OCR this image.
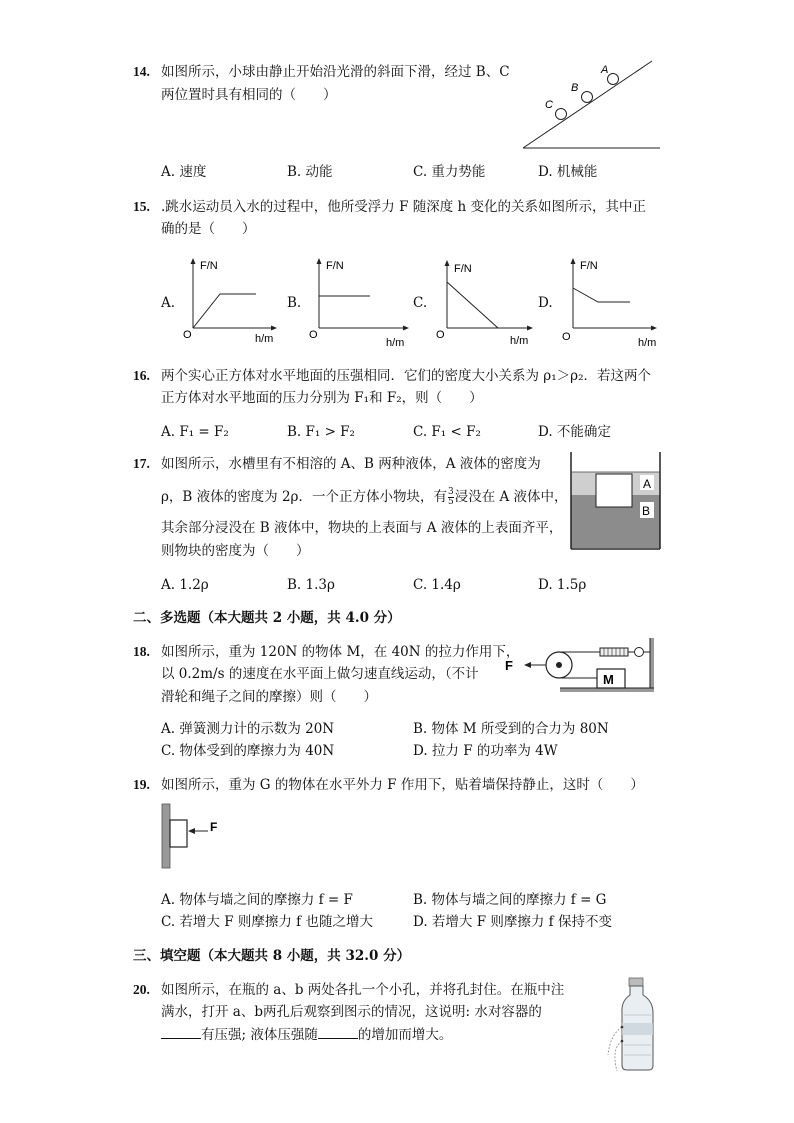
14. 如图所示，小球由静止开始沿光滑的斜面下滑，经过 B、C
两位置时具有相同的（　　）
A
B
C
A. 速度	B. 动能	C. 重力势能	D. 机械能
15. .跳水运动员入水的过程中，他所受浮力 F 随深度 h 变化的关系如图所示，其中正
确的是（　　）
A.
F/N
O	h/m
B.
F/N
O
h/m
C.
F/N
O	h/m
D.
F/N
O	h/m
16. 两个实心正方体对水平地面的压强相同．它们的密度大小关系为 ρ₁＞ρ₂．若这两个
正方体对水平地面的压力分别为 F₁和 F₂，则（　　）
A. F₁ = F₂	B. F₁ > F₂	C. F₁ < F₂	D. 不能确定
17. 如图所示，水槽里有不相溶的 A、B 两种液体，A 液体的密度为
ρ，B 液体的密度为 2ρ．一个正方体小物块，有 $\frac{3}{5}$ 浸没在 A 液体中，
其余部分浸没在 B 液体中，物块的上表面与 A 液体的上表面齐平，
则物块的密度为（　　）
A
B
A. 1.2ρ	B. 1.3ρ	C. 1.4ρ	D. 1.5ρ
二、多选题（本大题共 2 小题，共 4.0 分）
18. 如图所示，重为 120N 的物体 M，在 40N 的拉力作用下，
以 0.2m/s 的速度在水平面上做匀速直线运动，（不计
滑轮和绳子之间的摩擦）则（　　）
F
M
A. 弹簧测力计的示数为 20N	B. 物体 M 所受到的合力为 80N
C. 物体受到的摩擦力为 40N	D. 拉力 F 的功率为 4W
19. 如图所示，重为 G 的物体在水平外力 F 作用下，贴着墙保持静止，这时（　　）
F
A. 物体与墙之间的摩擦力 f = F	B. 物体与墙之间的摩擦力 f = G
C. 若增大 F 则摩擦力 f 也随之增大	D. 若增大 F 则摩擦力 f 保持不变
三、填空题（本大题共 8 小题，共 32.0 分）
20. 如图所示，在瓶的 a、b 两处各扎一个小孔，并将孔封住。在瓶中注
满水，打开 a、b两孔后观察到图示的情况，这说明: 水对容器的
有压强; 液体压强随	的增加而增大。
